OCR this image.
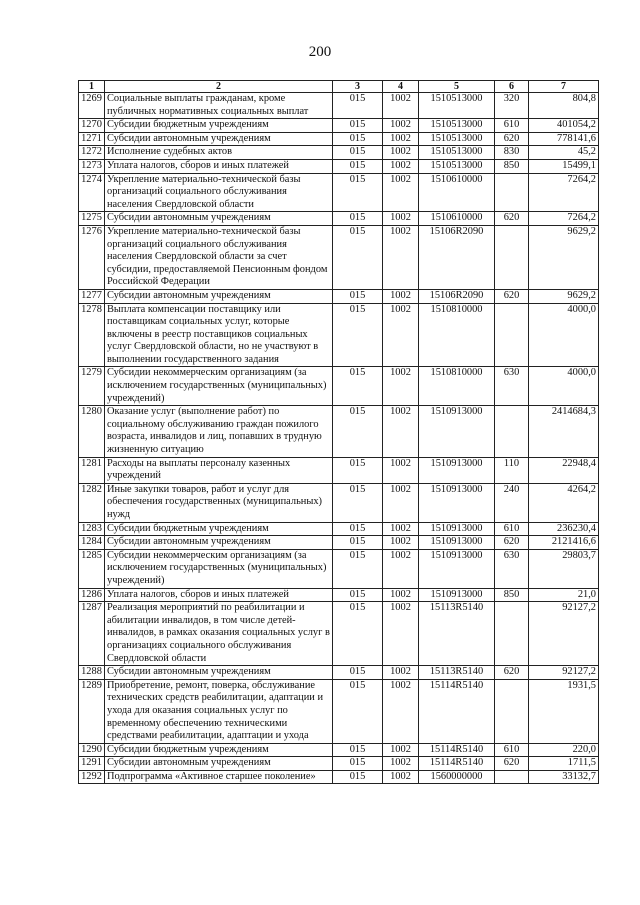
200
1	2	3	4	5	6	7
1269	Социальные выплаты гражданам, кроме публичных нормативных социальных выплат	015	1002	1510513000	320	804,8
1270	Субсидии бюджетным учреждениям	015	1002	1510513000	610	401054,2
1271	Субсидии автономным учреждениям	015	1002	1510513000	620	778141,6
1272	Исполнение судебных актов	015	1002	1510513000	830	45,2
1273	Уплата налогов, сборов и иных платежей	015	1002	1510513000	850	15499,1
1274	Укрепление материально-технической базы организаций социального обслуживания населения Свердловской области	015	1002	1510610000		7264,2
1275	Субсидии автономным учреждениям	015	1002	1510610000	620	7264,2
1276	Укрепление материально-технической базы организаций социального обслуживания населения Свердловской области за счет субсидии, предоставляемой Пенсионным фондом Российской Федерации	015	1002	15106R2090		9629,2
1277	Субсидии автономным учреждениям	015	1002	15106R2090	620	9629,2
1278	Выплата компенсации поставщику или поставщикам социальных услуг, которые включены в реестр поставщиков социальных услуг Свердловской области, но не участвуют в выполнении государственного задания	015	1002	1510810000		4000,0
1279	Субсидии некоммерческим организациям (за исключением государственных (муниципальных) учреждений)	015	1002	1510810000	630	4000,0
1280	Оказание услуг (выполнение работ) по социальному обслуживанию граждан пожилого возраста, инвалидов и лиц, попавших в трудную жизненную ситуацию	015	1002	1510913000		2414684,3
1281	Расходы на выплаты персоналу казенных учреждений	015	1002	1510913000	110	22948,4
1282	Иные закупки товаров, работ и услуг для обеспечения государственных (муниципальных) нужд	015	1002	1510913000	240	4264,2
1283	Субсидии бюджетным учреждениям	015	1002	1510913000	610	236230,4
1284	Субсидии автономным учреждениям	015	1002	1510913000	620	2121416,6
1285	Субсидии некоммерческим организациям (за исключением государственных (муниципальных) учреждений)	015	1002	1510913000	630	29803,7
1286	Уплата налогов, сборов и иных платежей	015	1002	1510913000	850	21,0
1287	Реализация мероприятий по реабилитации и абилитации инвалидов, в том числе детей-инвалидов, в рамках оказания социальных услуг в организациях социального обслуживания Свердловской области	015	1002	15113R5140		92127,2
1288	Субсидии автономным учреждениям	015	1002	15113R5140	620	92127,2
1289	Приобретение, ремонт, поверка, обслуживание технических средств реабилитации, адаптации и ухода для оказания социальных услуг по временному обеспечению техническими средствами реабилитации, адаптации и ухода	015	1002	15114R5140		1931,5
1290	Субсидии бюджетным учреждениям	015	1002	15114R5140	610	220,0
1291	Субсидии автономным учреждениям	015	1002	15114R5140	620	1711,5
1292	Подпрограмма «Активное старшее поколение»	015	1002	1560000000		33132,7
